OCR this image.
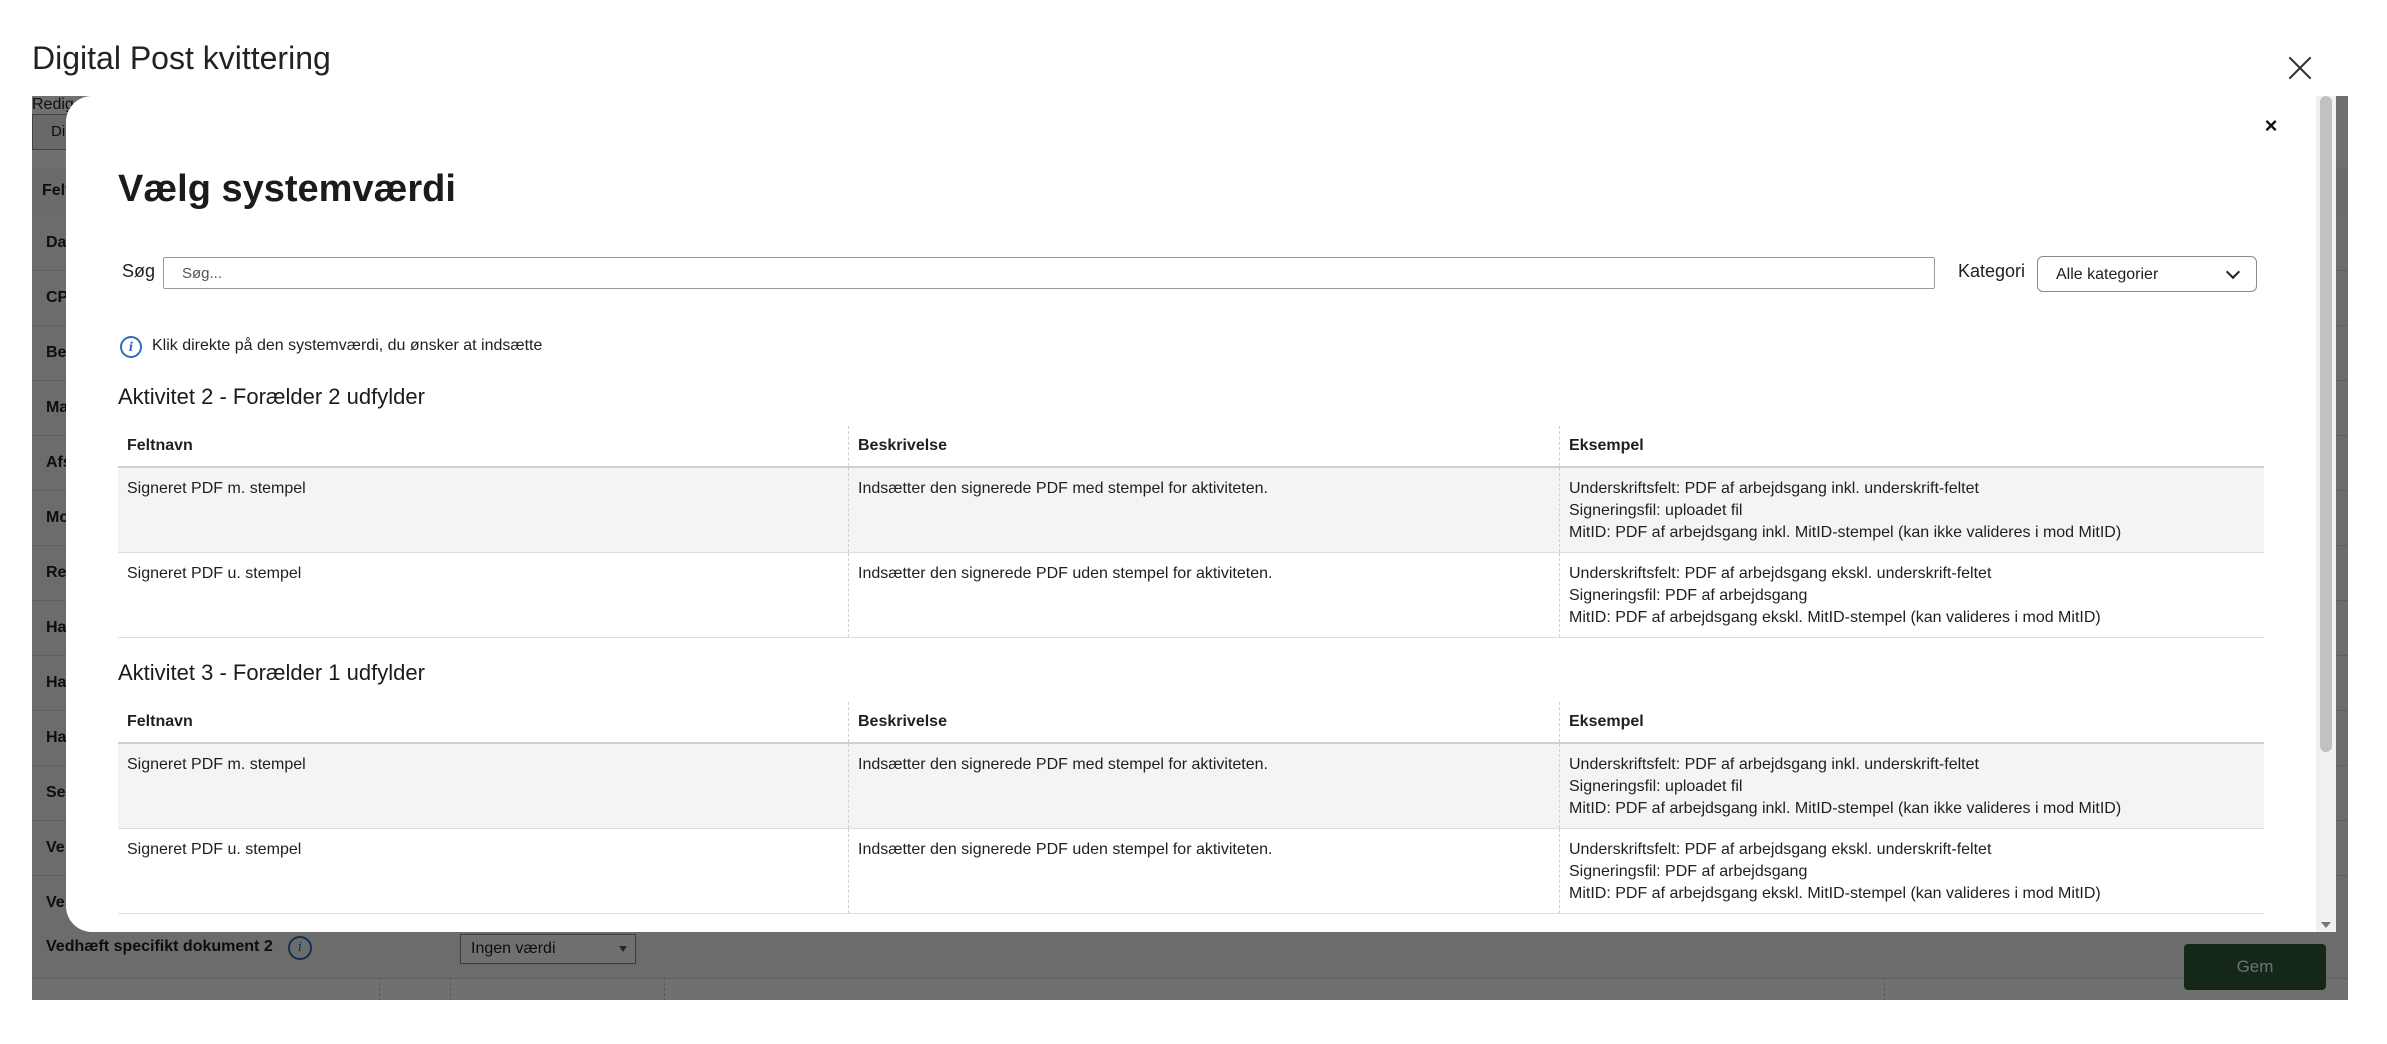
Digital Post kvittering
×
Vælg systemværdi
Søg
Søg...	Kategori Alle kategorier
i	Klik direkte på den systemværdi, du ønsker at indsætte
Aktivitet 2 - Forælder 2 udfylder
Feltnavn	Beskrivelse	Eksempel
Signeret PDF m. stempel	Indsætter den signerede PDF med stempel for aktiviteten.	Underskriftsfelt: PDF af arbejdsgang inkl. underskrift-feltet
Signeringsfil: uploadet fil
MitID: PDF af arbejdsgang inkl. MitID-stempel (kan ikke valideres i mod MitID)

Signeret PDF u. stempel	Indsætter den signerede PDF uden stempel for aktiviteten.	Underskriftsfelt: PDF af arbejdsgang ekskl. underskrift-feltet
Signeringsfil: PDF af arbejdsgang
MitID: PDF af arbejdsgang ekskl. MitID-stempel (kan valideres i mod MitID)
Aktivitet 3 - Forælder 1 udfylder
Feltnavn	Beskrivelse	Eksempel
Signeret PDF m. stempel	Indsætter den signerede PDF med stempel for aktiviteten.	Underskriftsfelt: PDF af arbejdsgang inkl. underskrift-feltet
Signeringsfil: uploadet fil
MitID: PDF af arbejdsgang inkl. MitID-stempel (kan ikke valideres i mod MitID)

Signeret PDF u. stempel	Indsætter den signerede PDF uden stempel for aktiviteten.	Underskriftsfelt: PDF af arbejdsgang ekskl. underskrift-feltet
Signeringsfil: PDF af arbejdsgang
MitID: PDF af arbejdsgang ekskl. MitID-stempel (kan valideres i mod MitID)
